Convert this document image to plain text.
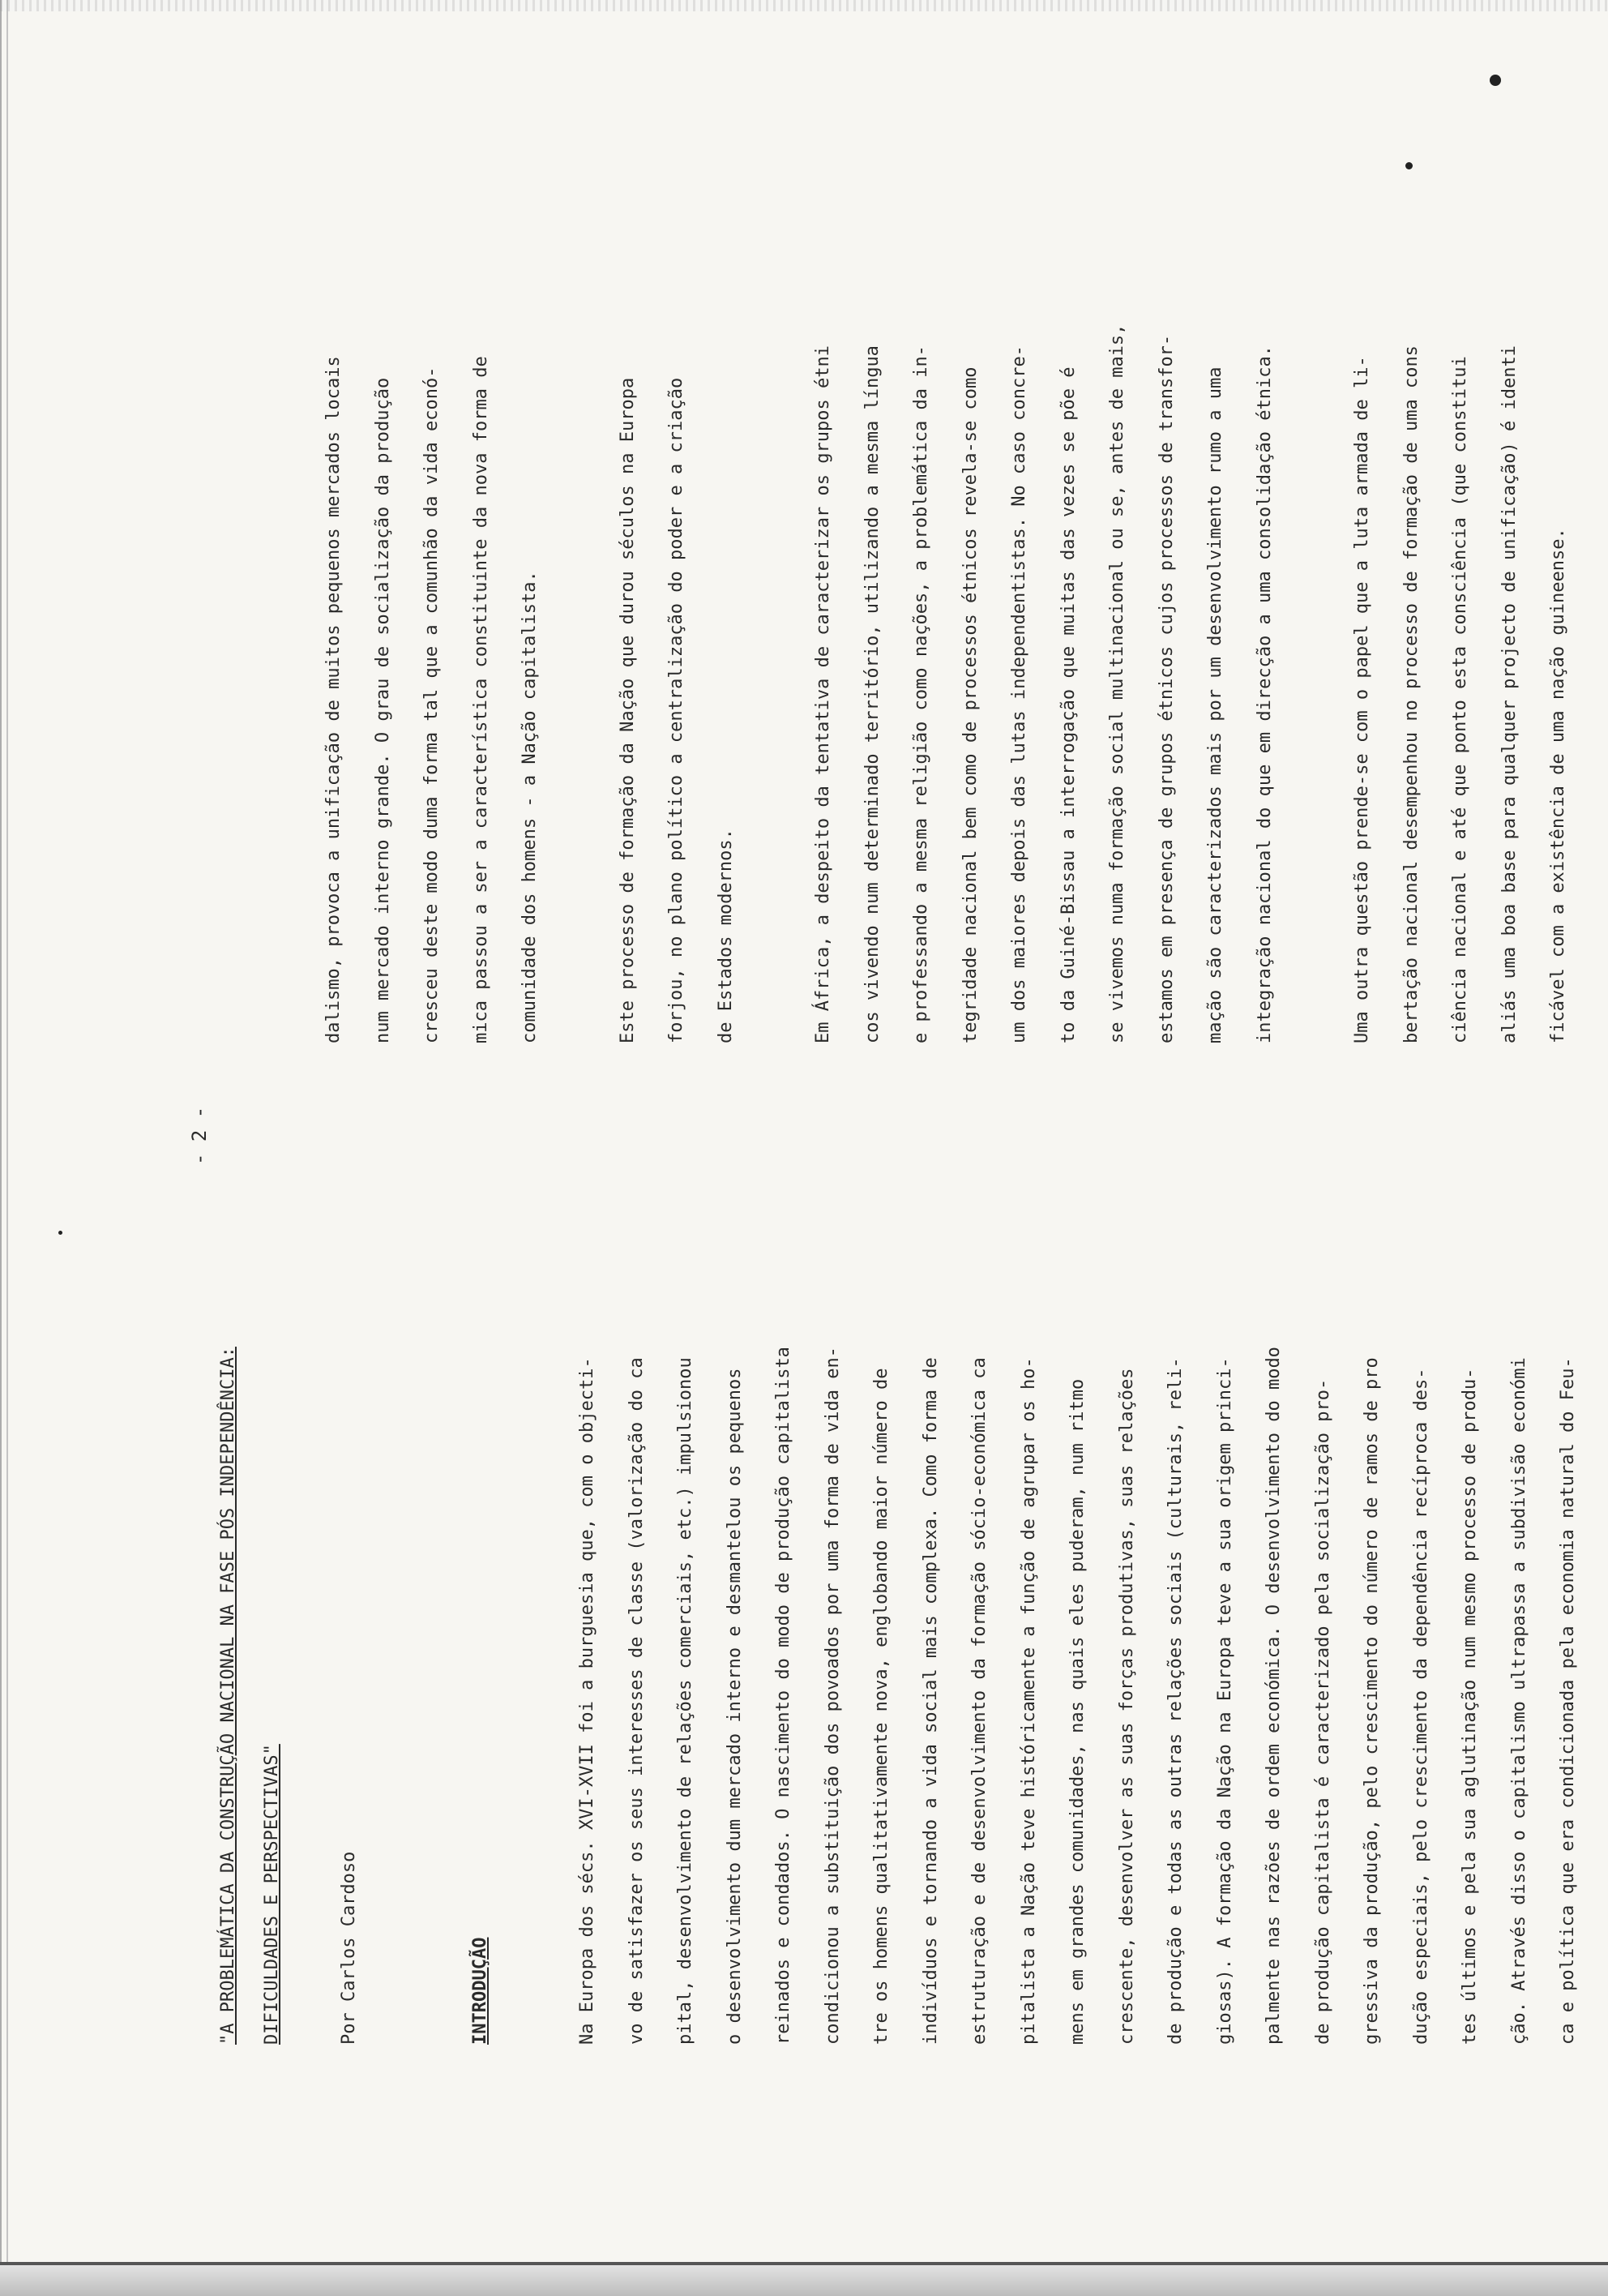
- 2 -
"A PROBLEMÁTICA DA CONSTRUÇÃO NACIONAL NA FASE PÓS INDEPENDÊNCIA:	DIFICULDADES E PERSPECTIVAS"	Por Carlos Cardoso	INTRODUÇÃO	Na Europa dos sécs. XVI-XVII foi a burguesia que, com o objecti-	vo de satisfazer os seus interesses de classe (valorização do ca	pital, desenvolvimento de relações comerciais, etc.) impulsionou	o desenvolvimento dum mercado interno e desmantelou os pequenos	reinados e condados. O nascimento do modo de produção capitalista	condicionou a substituição dos povoados por uma forma de vida en-	tre os homens qualitativamente nova, englobando maior número de	indivíduos e tornando a vida social mais complexa. Como forma de	estruturação e de desenvolvimento da formação sócio-económica ca	pitalista a Nação teve históricamente a função de agrupar os ho-	mens em grandes comunidades, nas quais eles puderam, num ritmo	crescente, desenvolver as suas forças produtivas, suas relações	de produção e todas as outras relações sociais (culturais, reli-	giosas). A formação da Nação na Europa teve a sua origem princi-	palmente nas razões de ordem económica. O desenvolvimento do modo	de produção capitalista é caracterizado pela socialização pro-	gressiva da produção, pelo crescimento do número de ramos de pro	dução especiais, pelo crescimento da dependência recíproca des-	tes últimos e pela sua aglutinação num mesmo processo de produ-	ção. Através disso o capitalismo ultrapassa a subdivisão económi	ca e política que era condicionada pela economia natural do Feu-

dalismo, provoca a unificação de muitos pequenos mercados locais	num mercado interno grande. O grau de socialização da produção	cresceu deste modo duma forma tal que a comunhão da vida econó-	mica passou a ser a característica constituinte da nova forma de	comunidade dos homens - a Nação capitalista.	Este processo de formação da Nação que durou séculos na Europa	forjou, no plano político a centralização do poder e a criação	de Estados modernos.	Em África, a despeito da tentativa de caracterizar os grupos étni	cos vivendo num determinado território, utilizando a mesma língua	e professando a mesma religião como nações, a problemática da in-	tegridade nacional bem como de processos étnicos revela-se como	um dos maiores depois das lutas independentistas. No caso concre-	to da Guiné-Bissau a interrogação que muitas das vezes se põe é	se vivemos numa formação social multinacional ou se, antes de mais,	estamos em presença de grupos étnicos cujos processos de transfor-	mação são caracterizados mais por um desenvolvimento rumo a uma	integração nacional do que em direcção a uma consolidação étnica.	Uma outra questão prende-se com o papel que a luta armada de li-	bertação nacional desempenhou no processo de formação de uma cons	ciência nacional e até que ponto esta consciência (que constitui	aliás uma boa base para qualquer projecto de unificação) é identi	ficável com a existência de uma nação guineense.
